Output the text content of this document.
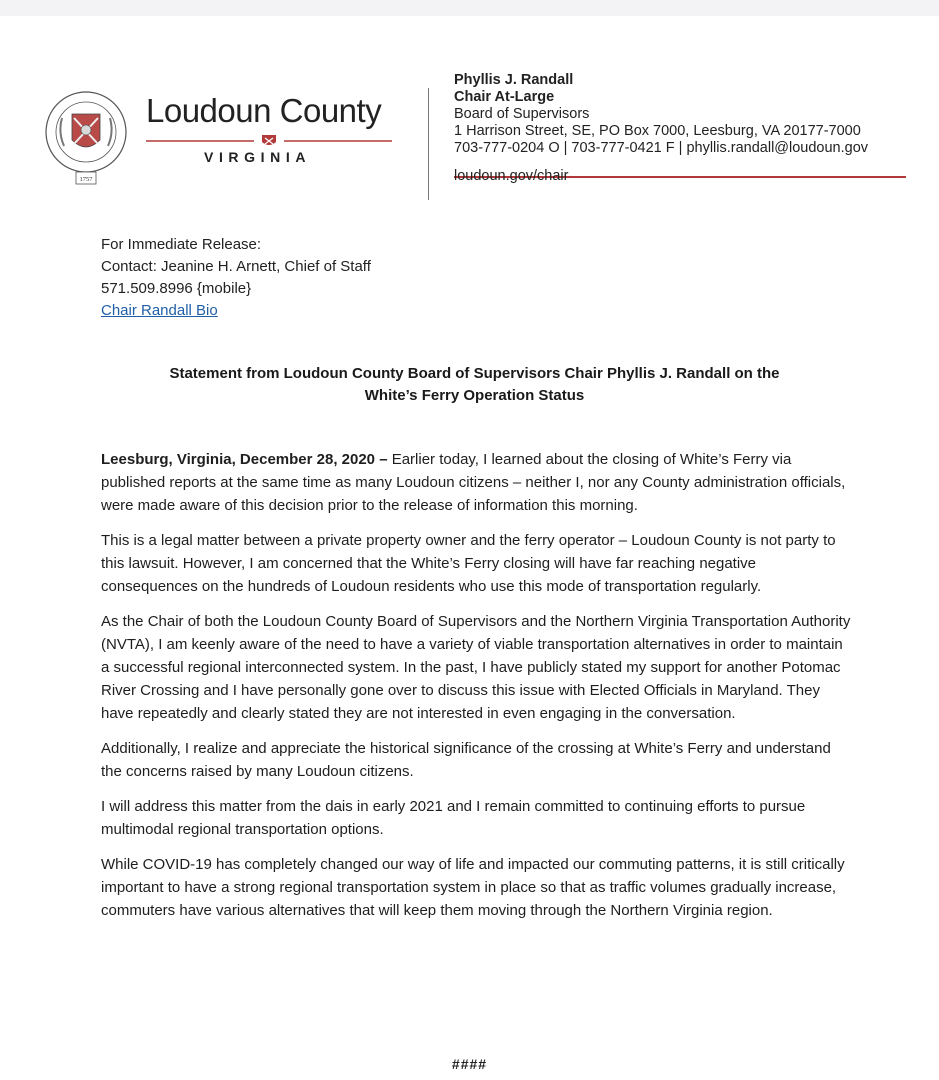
1757
Loudoun County
VIRGINIA
Phyllis J. Randall
Chair At-Large
Board of Supervisors
1 Harrison Street, SE, PO Box 7000, Leesburg, VA 20177-7000
703-777-0204 O | 703-777-0421 F | phyllis.randall@loudoun.gov
loudoun.gov/chair
For Immediate Release:
Contact: Jeanine H. Arnett, Chief of Staff
571.509.8996 {mobile}
Chair Randall Bio
Statement from Loudoun County Board of Supervisors Chair Phyllis J. Randall on the
White’s Ferry Operation Status

Leesburg, Virginia, December 28, 2020 – Earlier today, I learned about the closing of White’s Ferry via published reports at the same time as many Loudoun citizens – neither I, nor any County administration officials, were made aware of this decision prior to the release of information this morning.

This is a legal matter between a private property owner and the ferry operator – Loudoun County is not party to this lawsuit. However, I am concerned that the White’s Ferry closing will have far reaching negative consequences on the hundreds of Loudoun residents who use this mode of transportation regularly.

As the Chair of both the Loudoun County Board of Supervisors and the Northern Virginia Transportation Authority (NVTA), I am keenly aware of the need to have a variety of viable transportation alternatives in order to maintain a successful regional interconnected system. In the past, I have publicly stated my support for another Potomac River Crossing and I have personally gone over to discuss this issue with Elected Officials in Maryland. They have repeatedly and clearly stated they are not interested in even engaging in the conversation.

Additionally, I realize and appreciate the historical significance of the crossing at White’s Ferry and understand the concerns raised by many Loudoun citizens.

I will address this matter from the dais in early 2021 and I remain committed to continuing efforts to pursue multimodal regional transportation options.

While COVID-19 has completely changed our way of life and impacted our commuting patterns, it is still critically important to have a strong regional transportation system in place so that as traffic volumes gradually increase, commuters have various alternatives that will keep them moving through the Northern Virginia region.

####
